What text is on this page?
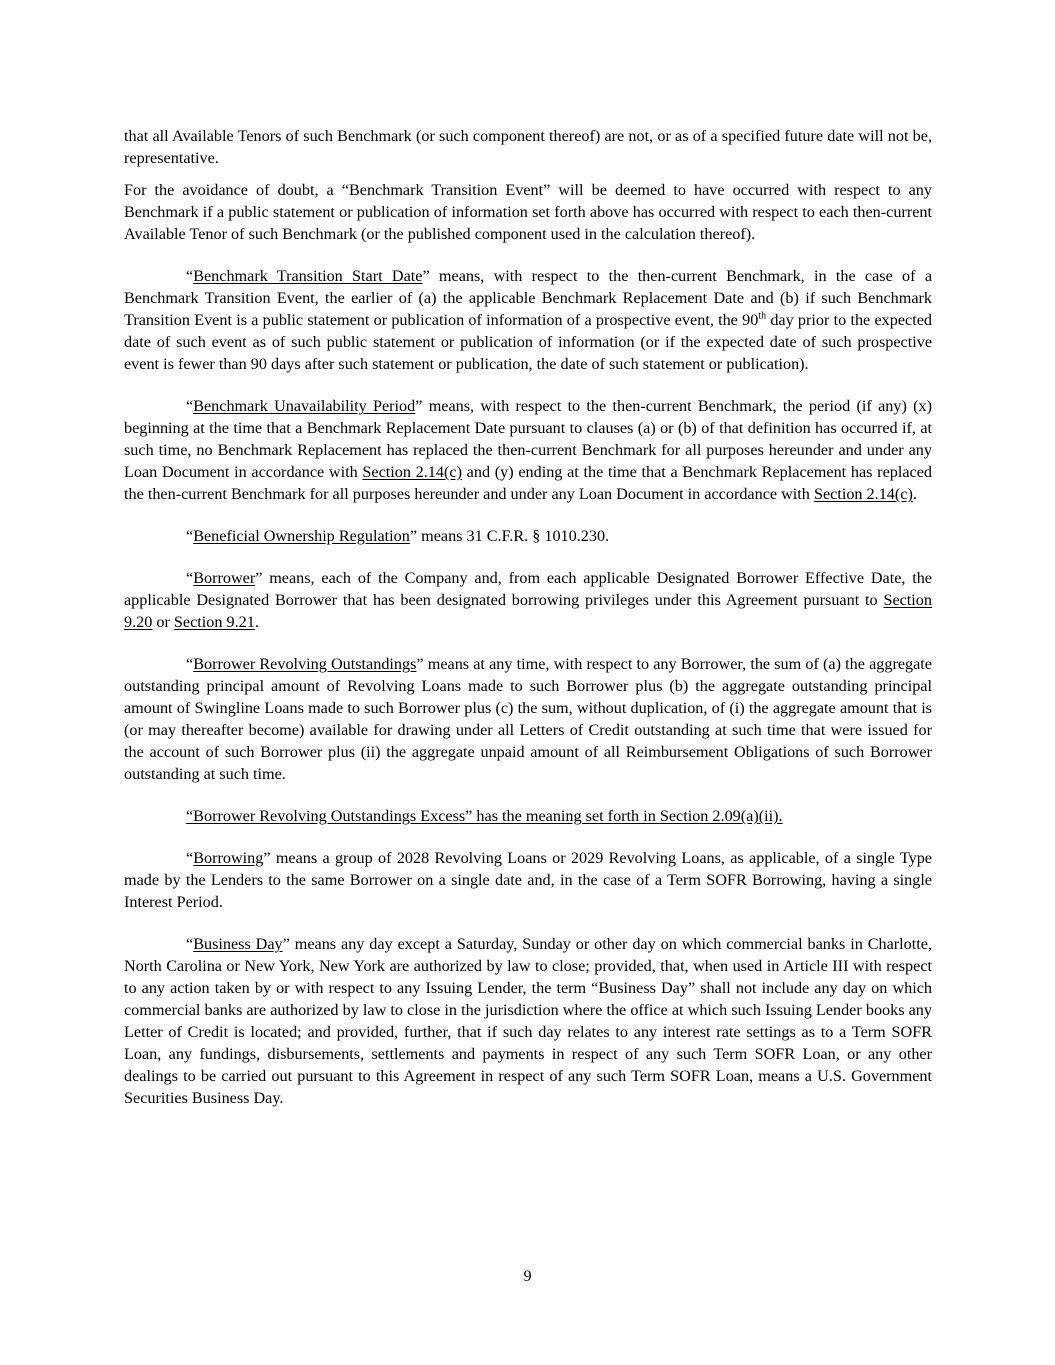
that all Available Tenors of such Benchmark (or such component thereof) are not, or as of a specified future date will not be, representative.

For the avoidance of doubt, a “Benchmark Transition Event” will be deemed to have occurred with respect to any Benchmark if a public statement or publication of information set forth above has occurred with respect to each then-current Available Tenor of such Benchmark (or the published component used in the calculation thereof).

“Benchmark Transition Start Date” means, with respect to the then-current Benchmark, in the case of a Benchmark Transition Event, the earlier of (a) the applicable Benchmark Replacement Date and (b) if such Benchmark Transition Event is a public statement or publication of information of a prospective event, the 90th day prior to the expected date of such event as of such public statement or publication of information (or if the expected date of such prospective event is fewer than 90 days after such statement or publication, the date of such statement or publication).

“Benchmark Unavailability Period” means, with respect to the then-current Benchmark, the period (if any) (x) beginning at the time that a Benchmark Replacement Date pursuant to clauses (a) or (b) of that definition has occurred if, at such time, no Benchmark Replacement has replaced the then-current Benchmark for all purposes hereunder and under any Loan Document in accordance with Section 2.14(c) and (y) ending at the time that a Benchmark Replacement has replaced the then-current Benchmark for all purposes hereunder and under any Loan Document in accordance with Section 2.14(c).

“Beneficial Ownership Regulation” means 31 C.F.R. § 1010.230.

“Borrower” means, each of the Company and, from each applicable Designated Borrower Effective Date, the applicable Designated Borrower that has been designated borrowing privileges under this Agreement pursuant to Section 9.20 or Section 9.21.

“Borrower Revolving Outstandings” means at any time, with respect to any Borrower, the sum of (a) the aggregate outstanding principal amount of Revolving Loans made to such Borrower plus (b) the aggregate outstanding principal amount of Swingline Loans made to such Borrower plus (c) the sum, without duplication, of (i) the aggregate amount that is (or may thereafter become) available for drawing under all Letters of Credit outstanding at such time that were issued for the account of such Borrower plus (ii) the aggregate unpaid amount of all Reimbursement Obligations of such Borrower outstanding at such time.

“Borrower Revolving Outstandings Excess” has the meaning set forth in Section 2.09(a)(ii).

“Borrowing” means a group of 2028 Revolving Loans or 2029 Revolving Loans, as applicable, of a single Type made by the Lenders to the same Borrower on a single date and, in the case of a Term SOFR Borrowing, having a single Interest Period.

“Business Day” means any day except a Saturday, Sunday or other day on which commercial banks in Charlotte, North Carolina or New York, New York are authorized by law to close; provided, that, when used in Article III with respect to any action taken by or with respect to any Issuing Lender, the term “Business Day” shall not include any day on which commercial banks are authorized by law to close in the jurisdiction where the office at which such Issuing Lender books any Letter of Credit is located; and provided, further, that if such day relates to any interest rate settings as to a Term SOFR Loan, any fundings, disbursements, settlements and payments in respect of any such Term SOFR Loan, or any other dealings to be carried out pursuant to this Agreement in respect of any such Term SOFR Loan, means a U.S. Government Securities Business Day.

9
